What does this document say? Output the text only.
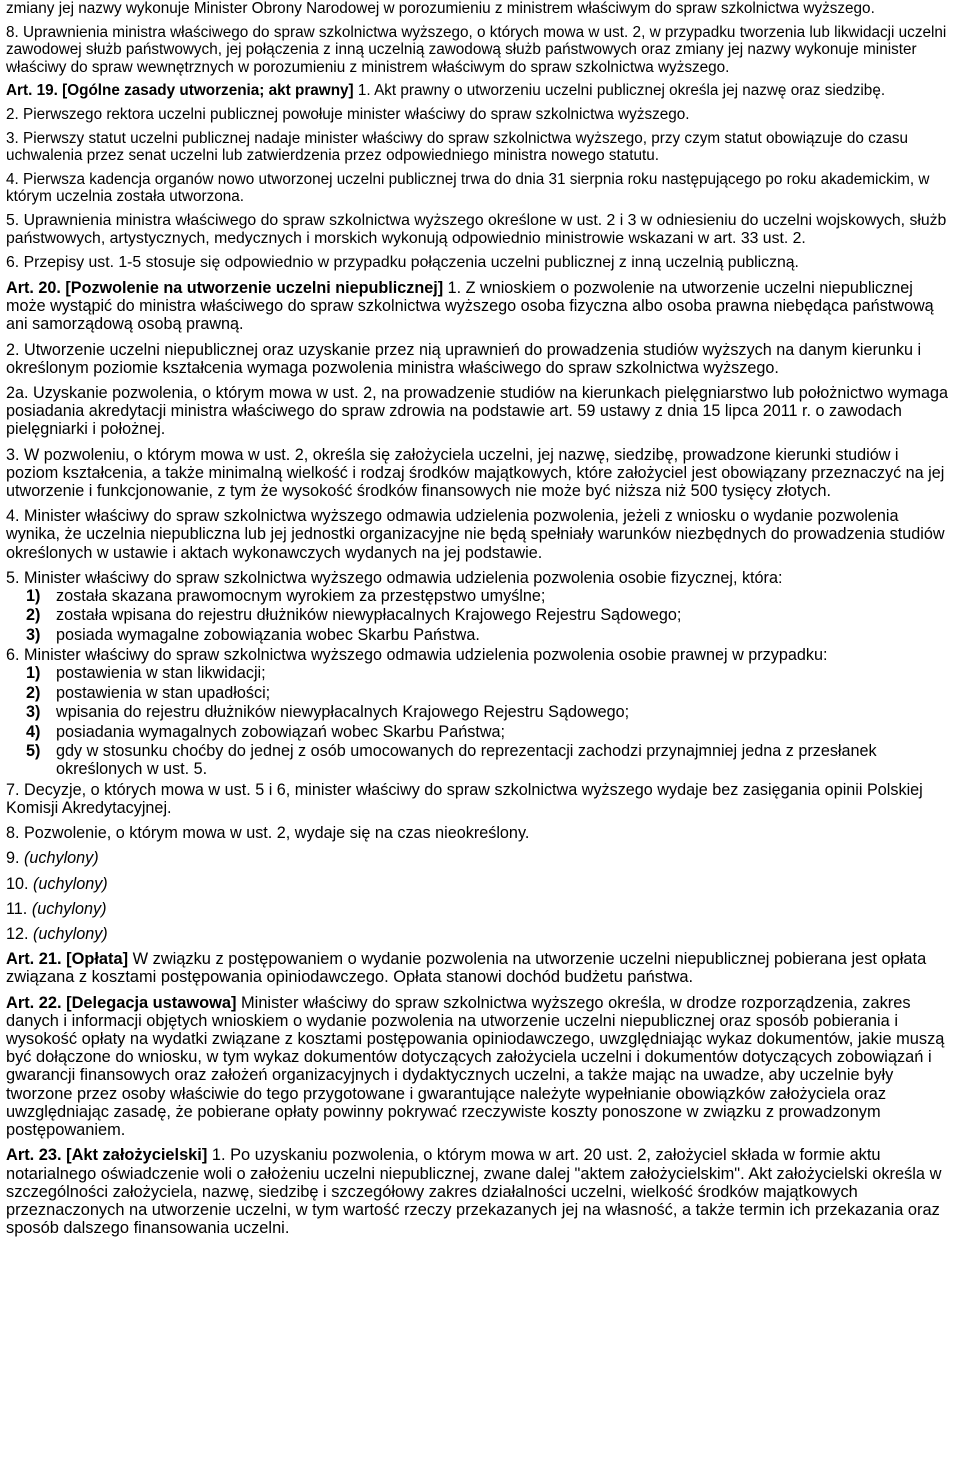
zmiany jej nazwy wykonuje Minister Obrony Narodowej w porozumieniu z ministrem właściwym do spraw szkolnictwa wyższego.

8. Uprawnienia ministra właściwego do spraw szkolnictwa wyższego, o których mowa w ust. 2, w przypadku tworzenia lub likwidacji uczelni zawodowej służb państwowych, jej połączenia z inną uczelnią zawodową służb państwowych oraz zmiany jej nazwy wykonuje minister właściwy do spraw wewnętrznych w porozumieniu z ministrem właściwym do spraw szkolnictwa wyższego.

Art. 19. [Ogólne zasady utworzenia; akt prawny] 1. Akt prawny o utworzeniu uczelni publicznej określa jej nazwę oraz siedzibę.

2. Pierwszego rektora uczelni publicznej powołuje minister właściwy do spraw szkolnictwa wyższego.

3. Pierwszy statut uczelni publicznej nadaje minister właściwy do spraw szkolnictwa wyższego, przy czym statut obowiązuje do czasu uchwalenia przez senat uczelni lub zatwierdzenia przez odpowiedniego ministra nowego statutu.

4. Pierwsza kadencja organów nowo utworzonej uczelni publicznej trwa do dnia 31 sierpnia roku następującego po roku akademickim, w którym uczelnia została utworzona.

5. Uprawnienia ministra właściwego do spraw szkolnictwa wyższego określone w ust. 2 i 3 w odniesieniu do uczelni wojskowych, służb państwowych, artystycznych, medycznych i morskich wykonują odpowiednio ministrowie wskazani w art. 33 ust. 2.

6. Przepisy ust. 1-5 stosuje się odpowiednio w przypadku połączenia uczelni publicznej z inną uczelnią publiczną.

Art. 20. [Pozwolenie na utworzenie uczelni niepublicznej] 1. Z wnioskiem o pozwolenie na utworzenie uczelni niepublicznej może wystąpić do ministra właściwego do spraw szkolnictwa wyższego osoba fizyczna albo osoba prawna niebędąca państwową ani samorządową osobą prawną.

2. Utworzenie uczelni niepublicznej oraz uzyskanie przez nią uprawnień do prowadzenia studiów wyższych na danym kierunku i określonym poziomie kształcenia wymaga pozwolenia ministra właściwego do spraw szkolnictwa wyższego.

2a. Uzyskanie pozwolenia, o którym mowa w ust. 2, na prowadzenie studiów na kierunkach pielęgniarstwo lub położnictwo wymaga posiadania akredytacji ministra właściwego do spraw zdrowia na podstawie art. 59 ustawy z dnia 15 lipca 2011 r. o zawodach pielęgniarki i położnej.

3. W pozwoleniu, o którym mowa w ust. 2, określa się założyciela uczelni, jej nazwę, siedzibę, prowadzone kierunki studiów i poziom kształcenia, a także minimalną wielkość i rodzaj środków majątkowych, które założyciel jest obowiązany przeznaczyć na jej utworzenie i funkcjonowanie, z tym że wysokość środków finansowych nie może być niższa niż 500 tysięcy złotych.

4. Minister właściwy do spraw szkolnictwa wyższego odmawia udzielenia pozwolenia, jeżeli z wniosku o wydanie pozwolenia wynika, że uczelnia niepubliczna lub jej jednostki organizacyjne nie będą spełniały warunków niezbędnych do prowadzenia studiów określonych w ustawie i aktach wykonawczych wydanych na jej podstawie.

5. Minister właściwy do spraw szkolnictwa wyższego odmawia udzielenia pozwolenia osobie fizycznej, która:

1) została skazana prawomocnym wyrokiem za przestępstwo umyślne;
2) została wpisana do rejestru dłużników niewypłacalnych Krajowego Rejestru Sądowego;
3) posiada wymagalne zobowiązania wobec Skarbu Państwa.

6. Minister właściwy do spraw szkolnictwa wyższego odmawia udzielenia pozwolenia osobie prawnej w przypadku:

1) postawienia w stan likwidacji;
2) postawienia w stan upadłości;
3) wpisania do rejestru dłużników niewypłacalnych Krajowego Rejestru Sądowego;
4) posiadania wymagalnych zobowiązań wobec Skarbu Państwa;
5) gdy w stosunku choćby do jednej z osób umocowanych do reprezentacji zachodzi przynajmniej jedna z przesłanek określonych w ust. 5.

7. Decyzje, o których mowa w ust. 5 i 6, minister właściwy do spraw szkolnictwa wyższego wydaje bez zasięgania opinii Polskiej Komisji Akredytacyjnej.

8. Pozwolenie, o którym mowa w ust. 2, wydaje się na czas nieokreślony.

9. (uchylony)

10. (uchylony)

11. (uchylony)

12. (uchylony)

Art. 21. [Opłata] W związku z postępowaniem o wydanie pozwolenia na utworzenie uczelni niepublicznej pobierana jest opłata związana z kosztami postępowania opiniodawczego. Opłata stanowi dochód budżetu państwa.

Art. 22. [Delegacja ustawowa] Minister właściwy do spraw szkolnictwa wyższego określa, w drodze rozporządzenia, zakres danych i informacji objętych wnioskiem o wydanie pozwolenia na utworzenie uczelni niepublicznej oraz sposób pobierania i wysokość opłaty na wydatki związane z kosztami postępowania opiniodawczego, uwzględniając wykaz dokumentów, jakie muszą być dołączone do wniosku, w tym wykaz dokumentów dotyczących założyciela uczelni i dokumentów dotyczących zobowiązań i gwarancji finansowych oraz założeń organizacyjnych i dydaktycznych uczelni, a także mając na uwadze, aby uczelnie były tworzone przez osoby właściwie do tego przygotowane i gwarantujące należyte wypełnianie obowiązków założyciela oraz uwzględniając zasadę, że pobierane opłaty powinny pokrywać rzeczywiste koszty ponoszone w związku z prowadzonym postępowaniem.

Art. 23. [Akt założycielski] 1. Po uzyskaniu pozwolenia, o którym mowa w art. 20 ust. 2, założyciel składa w formie aktu notarialnego oświadczenie woli o założeniu uczelni niepublicznej, zwane dalej "aktem założycielskim". Akt założycielski określa w szczególności założyciela, nazwę, siedzibę i szczegółowy zakres działalności uczelni, wielkość środków majątkowych przeznaczonych na utworzenie uczelni, w tym wartość rzeczy przekazanych jej na własność, a także termin ich przekazania oraz sposób dalszego finansowania uczelni.
